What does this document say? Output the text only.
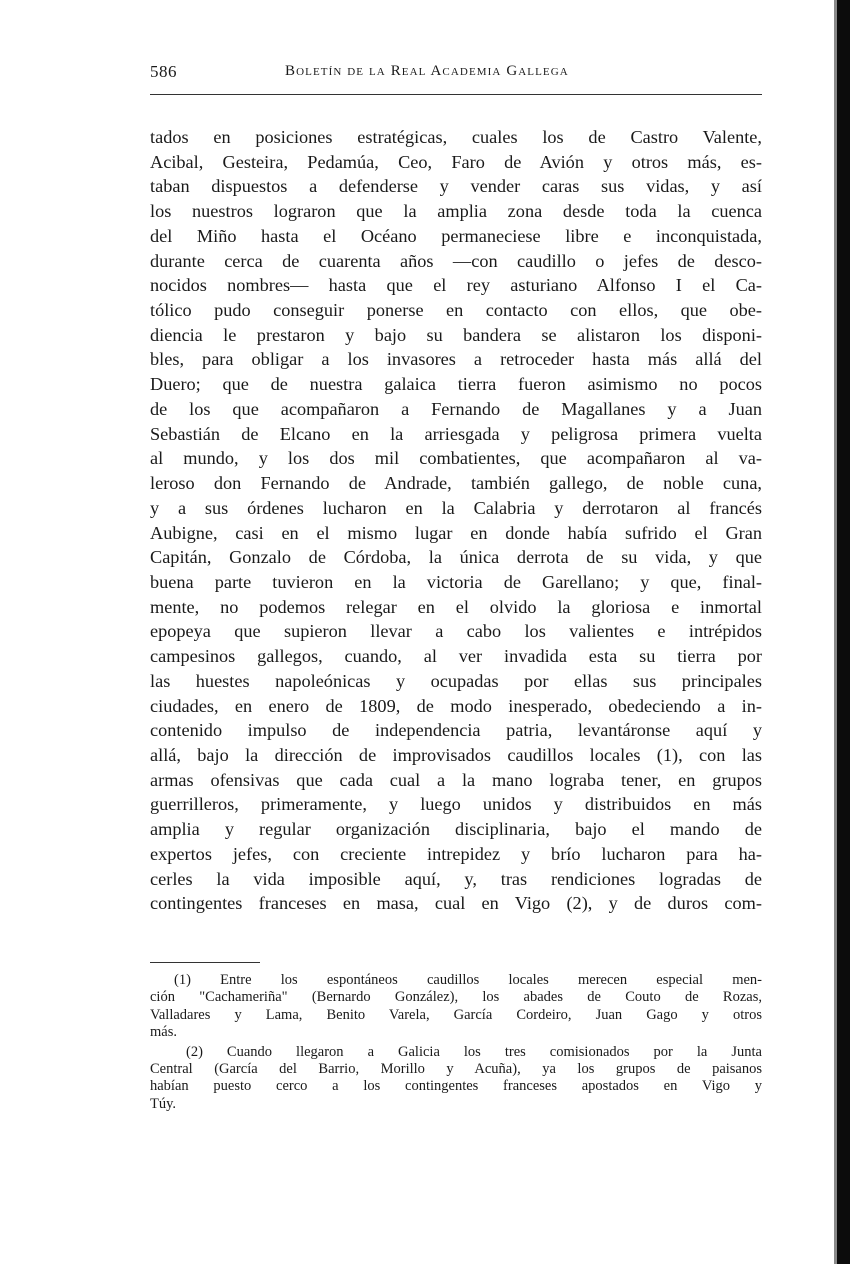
586	Boletín de la Real Academia Gallega
tados en posiciones estratégicas, cuales los de Castro Valente,
Acibal, Gesteira, Pedamúa, Ceo, Faro de Avión y otros más, es-
taban dispuestos a defenderse y vender caras sus vidas, y así
los nuestros lograron que la amplia zona desde toda la cuenca
del Miño hasta el Océano permaneciese libre e inconquistada,
durante cerca de cuarenta años —con caudillo o jefes de desco-
nocidos nombres— hasta que el rey asturiano Alfonso I el Ca-
tólico pudo conseguir ponerse en contacto con ellos, que obe-
diencia le prestaron y bajo su bandera se alistaron los disponi-
bles, para obligar a los invasores a retroceder hasta más allá del
Duero; que de nuestra galaica tierra fueron asimismo no pocos
de los que acompañaron a Fernando de Magallanes y a Juan
Sebastián de Elcano en la arriesgada y peligrosa primera vuelta
al mundo, y los dos mil combatientes, que acompañaron al va-
leroso don Fernando de Andrade, también gallego, de noble cuna,
y a sus órdenes lucharon en la Calabria y derrotaron al francés
Aubigne, casi en el mismo lugar en donde había sufrido el Gran
Capitán, Gonzalo de Córdoba, la única derrota de su vida, y que
buena parte tuvieron en la victoria de Garellano; y que, final-
mente, no podemos relegar en el olvido la gloriosa e inmortal
epopeya que supieron llevar a cabo los valientes e intrépidos
campesinos gallegos, cuando, al ver invadida esta su tierra por
las huestes napoleónicas y ocupadas por ellas sus principales
ciudades, en enero de 1809, de modo inesperado, obedeciendo a in-
contenido impulso de independencia patria, levantáronse aquí y
allá, bajo la dirección de improvisados caudillos locales (1), con las
armas ofensivas que cada cual a la mano lograba tener, en grupos
guerrilleros, primeramente, y luego unidos y distribuidos en más
amplia y regular organización disciplinaria, bajo el mando de
expertos jefes, con creciente intrepidez y brío lucharon para ha-
cerles la vida imposible aquí, y, tras rendiciones logradas de
contingentes franceses en masa, cual en Vigo (2), y de duros com-
(1) Entre los espontáneos caudillos locales merecen especial men-
ción "Cachameriña" (Bernardo González), los abades de Couto de Rozas,
Valladares y Lama, Benito Varela, García Cordeiro, Juan Gago y otros
más.
(2) Cuando llegaron a Galicia los tres comisionados por la Junta
Central (García del Barrio, Morillo y Acuña), ya los grupos de paisanos
habían puesto cerco a los contingentes franceses apostados en Vigo y
Túy.
